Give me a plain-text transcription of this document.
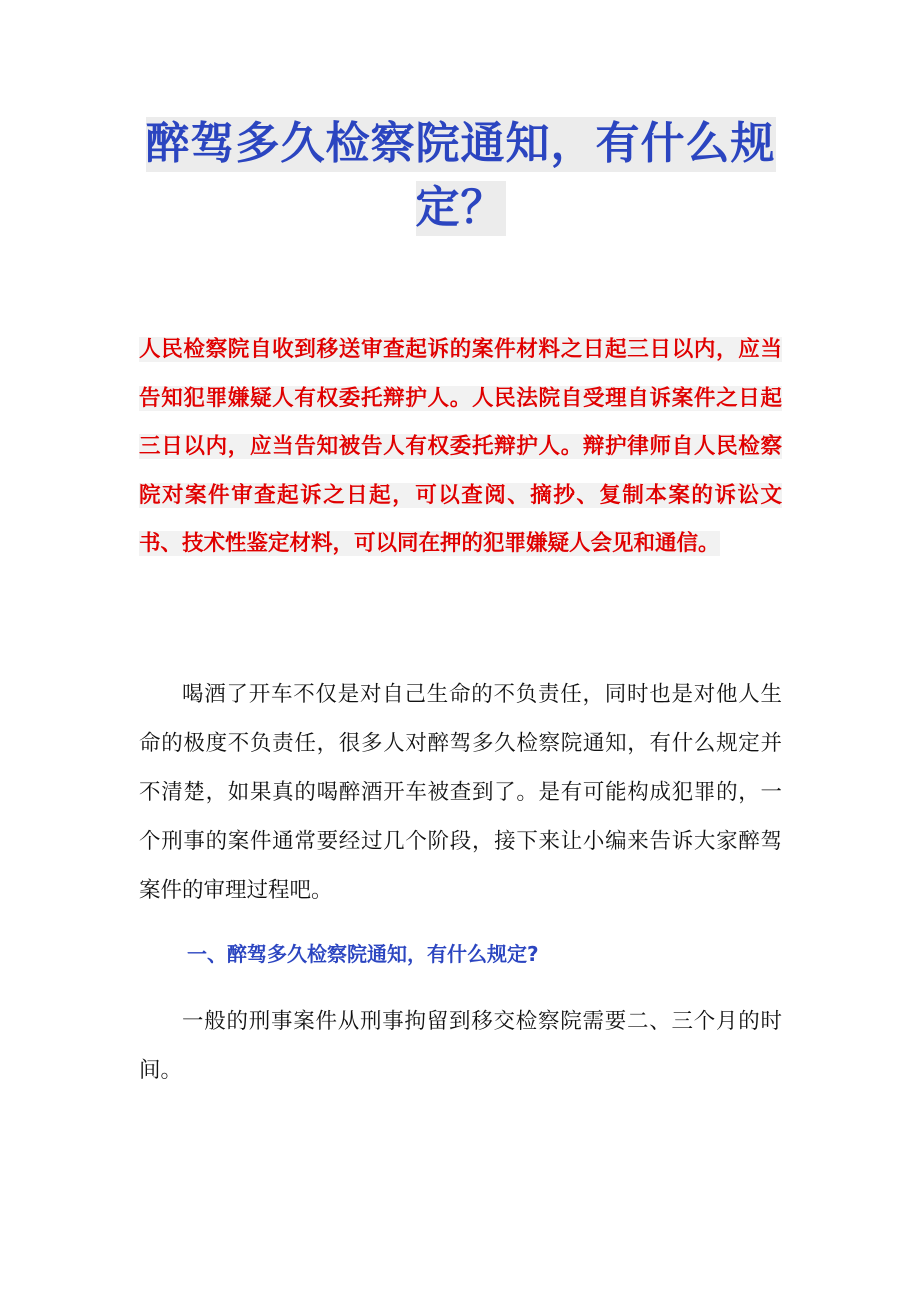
醉驾多久检察院通知，有什么规定？

人民检察院自收到移送审查起诉的案件材料之日起三日以内，应当告知犯罪嫌疑人有权委托辩护人。人民法院自受理自诉案件之日起三日以内，应当告知被告人有权委托辩护人。辩护律师自人民检察院对案件审查起诉之日起，可以查阅、摘抄、复制本案的诉讼文书、技术性鉴定材料，可以同在押的犯罪嫌疑人会见和通信。

喝酒了开车不仅是对自己生命的不负责任，同时也是对他人生命的极度不负责任，很多人对醉驾多久检察院通知，有什么规定并不清楚，如果真的喝醉酒开车被查到了。是有可能构成犯罪的，一个刑事的案件通常要经过几个阶段，接下来让小编来告诉大家醉驾案件的审理过程吧。

一、醉驾多久检察院通知，有什么规定?

一般的刑事案件从刑事拘留到移交检察院需要二、三个月的时间。
